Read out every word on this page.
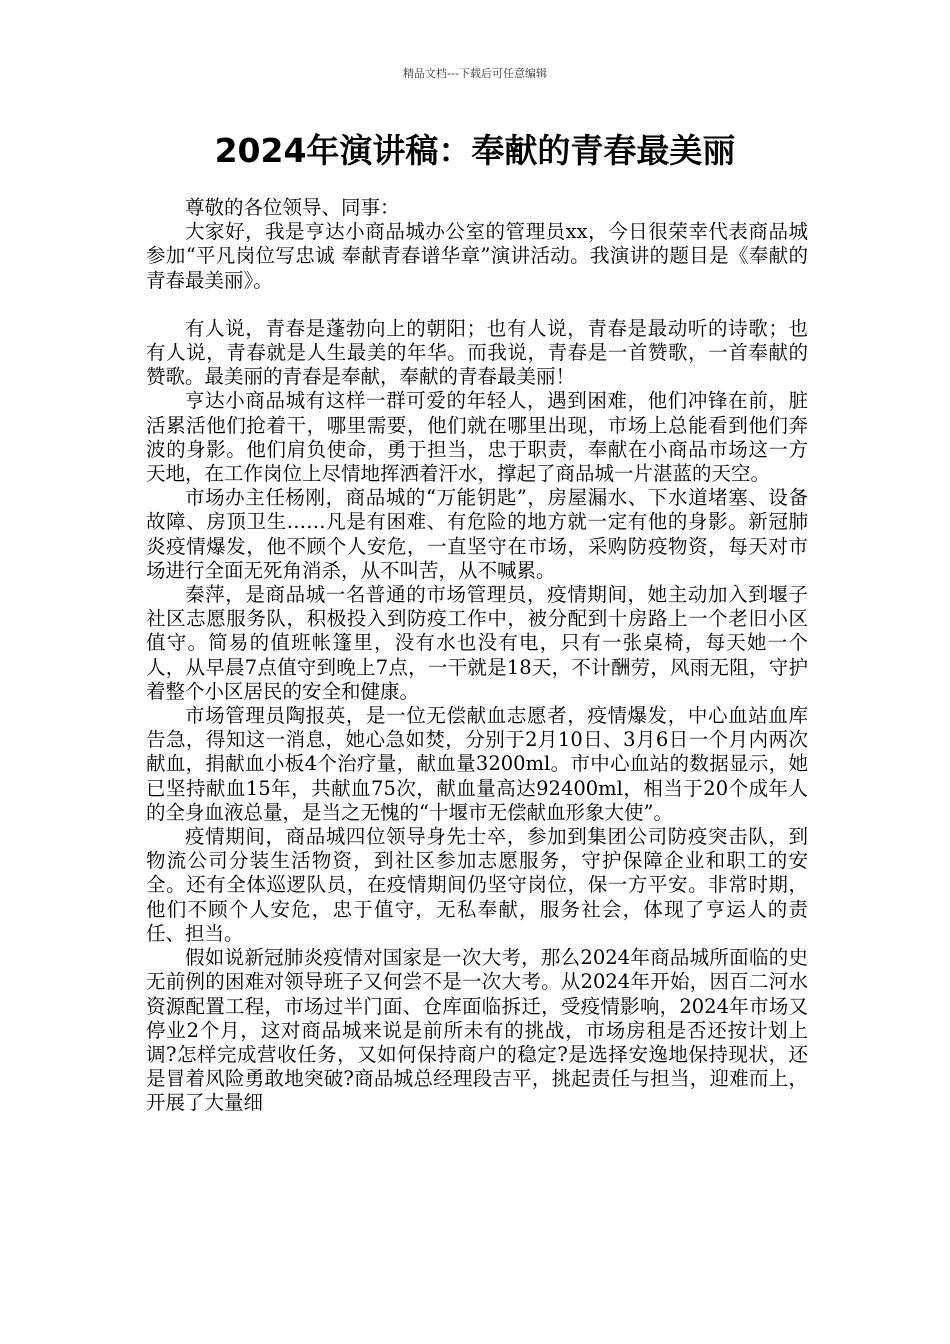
精品文档---下载后可任意编辑
2024年演讲稿：奉献的青春最美丽

尊敬的各位领导、同事：

大家好，我是亨达小商品城办公室的管理员xx，今日很荣幸代表商品城参加“平凡岗位写忠诚 奉献青春谱华章”演讲活动。我演讲的题目是《奉献的青春最美丽》。

有人说，青春是蓬勃向上的朝阳；也有人说，青春是最动听的诗歌；也有人说，青春就是人生最美的年华。而我说，青春是一首赞歌，一首奉献的赞歌。最美丽的青春是奉献，奉献的青春最美丽！

亨达小商品城有这样一群可爱的年轻人，遇到困难，他们冲锋在前，脏活累活他们抢着干，哪里需要，他们就在哪里出现，市场上总能看到他们奔波的身影。他们肩负使命，勇于担当，忠于职责，奉献在小商品市场这一方天地，在工作岗位上尽情地挥洒着汗水，撑起了商品城一片湛蓝的天空。

市场办主任杨刚，商品城的“万能钥匙”，房屋漏水、下水道堵塞、设备故障、房顶卫生……凡是有困难、有危险的地方就一定有他的身影。新冠肺炎疫情爆发，他不顾个人安危，一直坚守在市场，采购防疫物资，每天对市场进行全面无死角消杀，从不叫苦，从不喊累。

秦萍，是商品城一名普通的市场管理员，疫情期间，她主动加入到堰子社区志愿服务队，积极投入到防疫工作中，被分配到十房路上一个老旧小区值守。简易的值班帐篷里，没有水也没有电，只有一张桌椅，每天她一个人，从早晨7点值守到晚上7点，一干就是18天，不计酬劳，风雨无阻，守护着整个小区居民的安全和健康。

市场管理员陶报英，是一位无偿献血志愿者，疫情爆发，中心血站血库告急，得知这一消息，她心急如焚，分别于2月10日、3月6日一个月内两次献血，捐献血小板4个治疗量，献血量3200ml。市中心血站的数据显示，她已坚持献血15年，共献血75次，献血量高达92400ml，相当于20个成年人的全身血液总量，是当之无愧的“十堰市无偿献血形象大使”。

疫情期间，商品城四位领导身先士卒，参加到集团公司防疫突击队，到物流公司分装生活物资，到社区参加志愿服务，守护保障企业和职工的安全。还有全体巡逻队员，在疫情期间仍坚守岗位，保一方平安。非常时期，他们不顾个人安危，忠于值守，无私奉献，服务社会，体现了亨运人的责任、担当。

假如说新冠肺炎疫情对国家是一次大考，那么2024年商品城所面临的史无前例的困难对领导班子又何尝不是一次大考。从2024年开始，因百二河水资源配置工程，市场过半门面、仓库面临拆迁，受疫情影响，2024年市场又停业2个月，这对商品城来说是前所未有的挑战，市场房租是否还按计划上调?怎样完成营收任务，又如何保持商户的稳定?是选择安逸地保持现状，还是冒着风险勇敢地突破?商品城总经理段吉平，挑起责任与担当，迎难而上，开展了大量细
